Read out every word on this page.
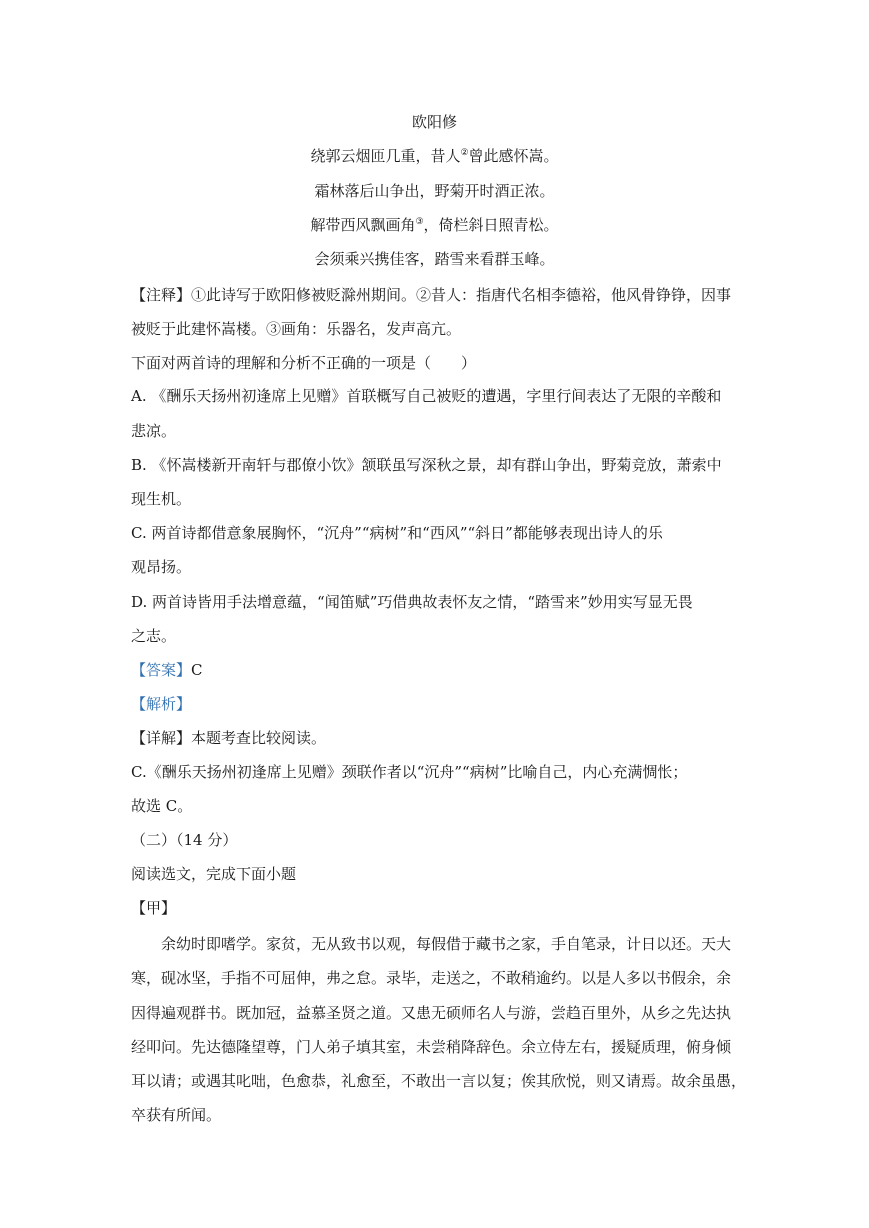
欧阳修
绕郭云烟匝几重，昔人②曾此感怀嵩。
霜林落后山争出，野菊开时酒正浓。
解带西风飘画角③，倚栏斜日照青松。
会须乘兴携佳客，踏雪来看群玉峰。
【注释】①此诗写于欧阳修被贬滁州期间。②昔人：指唐代名相李德裕，他风骨铮铮，因事
被贬于此建怀嵩楼。③画角：乐器名，发声高亢。
下面对两首诗的理解和分析不正确的一项是（　　）
A. 《酬乐天扬州初逢席上见赠》首联概写自己被贬的遭遇，字里行间表达了无限的辛酸和
悲凉。
B. 《怀嵩楼新开南轩与郡僚小饮》颔联虽写深秋之景，却有群山争出，野菊竞放，萧索中
现生机。
C. 两首诗都借意象展胸怀，“沉舟”“病树”和“西风”“斜日”都能够表现出诗人的乐
观昂扬。
D. 两首诗皆用手法增意蕴，“闻笛赋”巧借典故表怀友之情，“踏雪来”妙用实写显无畏
之志。
【答案】C
【解析】
【详解】本题考查比较阅读。
C.《酬乐天扬州初逢席上见赠》颈联作者以“沉舟”“病树”比喻自己，内心充满惆怅；
故选 C。
（二）（14 分）
阅读选文，完成下面小题
【甲】
余幼时即嗜学。家贫，无从致书以观，每假借于藏书之家，手自笔录，计日以还。天大
寒，砚冰坚，手指不可屈伸，弗之怠。录毕，走送之，不敢稍逾约。以是人多以书假余，余
因得遍观群书。既加冠，益慕圣贤之道。又患无硕师名人与游，尝趋百里外，从乡之先达执
经叩问。先达德隆望尊，门人弟子填其室，未尝稍降辞色。余立侍左右，援疑质理，俯身倾
耳以请；或遇其叱咄，色愈恭，礼愈至，不敢出一言以复；俟其欣悦，则又请焉。故余虽愚，
卒获有所闻。
